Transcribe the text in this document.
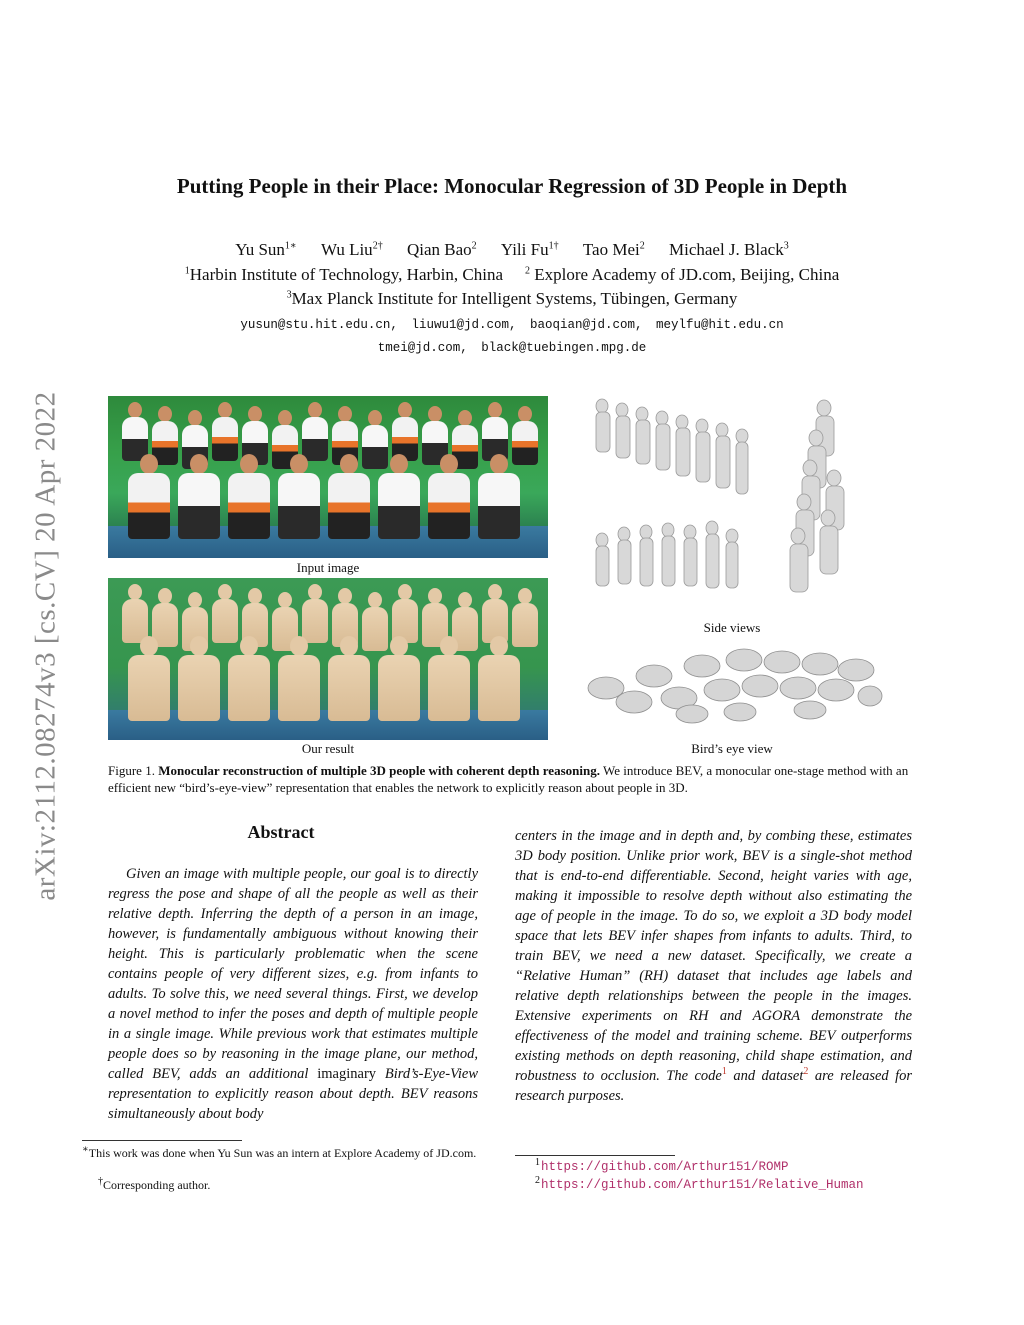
arXiv:2112.08274v3 [cs.CV] 20 Apr 2022
Putting People in their Place: Monocular Regression of 3D People in Depth
Yu Sun$^{1∗}$ Wu Liu$^{2\dagger}$ Qian Bao$^2$ Yili $Fu^{1\dagger}$ Tao Mei$^2$ Michael J. Black$^3$
$^1$Harbin Institute of Technology, Harbin, China $^2$ Explore Academy of JD.com, Beijing, China
$^3$Max Planck Institute for Intelligent Systems, Tübingen, Germany
yusun@stu.hit.edu.cn, liuwu1@jd.com, baoqian@jd.com, meylfu@hit.edu.cn
tmei@jd.com, black@tuebingen.mpg.de
Input image
Our result
Side views
Bird’s eye view
Figure 1. Monocular reconstruction of multiple 3D people with coherent depth reasoning. We introduce BEV, a monocular one-stage method with an efficient new “bird’s-eye-view” representation that enables the network to explicitly reason about people in 3D.
Abstract
Given an image with multiple people, our goal is to directly regress the pose and shape of all the people as well as their relative depth. Inferring the depth of a person in an image, however, is fundamentally ambiguous without knowing their height. This is particularly problematic when the scene contains people of very different sizes, e.g. from infants to adults. To solve this, we need several things. First, we develop a novel method to infer the poses and depth of multiple people in a single image. While previous work that estimates multiple people does so by reasoning in the image plane, our method, called BEV, adds an additional imaginary Bird’s-Eye-View representation to explicitly reason about depth. BEV reasons simultaneously about body
centers in the image and in depth and, by combing these, estimates 3D body position. Unlike prior work, BEV is a single-shot method that is end-to-end differentiable. Second, height varies with age, making it impossible to resolve depth without also estimating the age of people in the image. To do so, we exploit a 3D body model space that lets BEV infer shapes from infants to adults. Third, to train BEV, we need a new dataset. Specifically, we create a “Relative Human” (RH) dataset that includes age labels and relative depth relationships between the people in the images. Extensive experiments on RH and AGORA demonstrate the effectiveness of the model and training scheme. BEV outperforms existing methods on depth reasoning, child shape estimation, and robustness to occlusion. The code$^1$ and dataset$^2$ are released for research purposes.
∗This work was done when Yu Sun was an intern at Explore Academy of JD.com.
†Corresponding author.
$^1$https://github.com/Arthur151/ROMP
$^2$https://github.com/Arthur151/Relative_Human
